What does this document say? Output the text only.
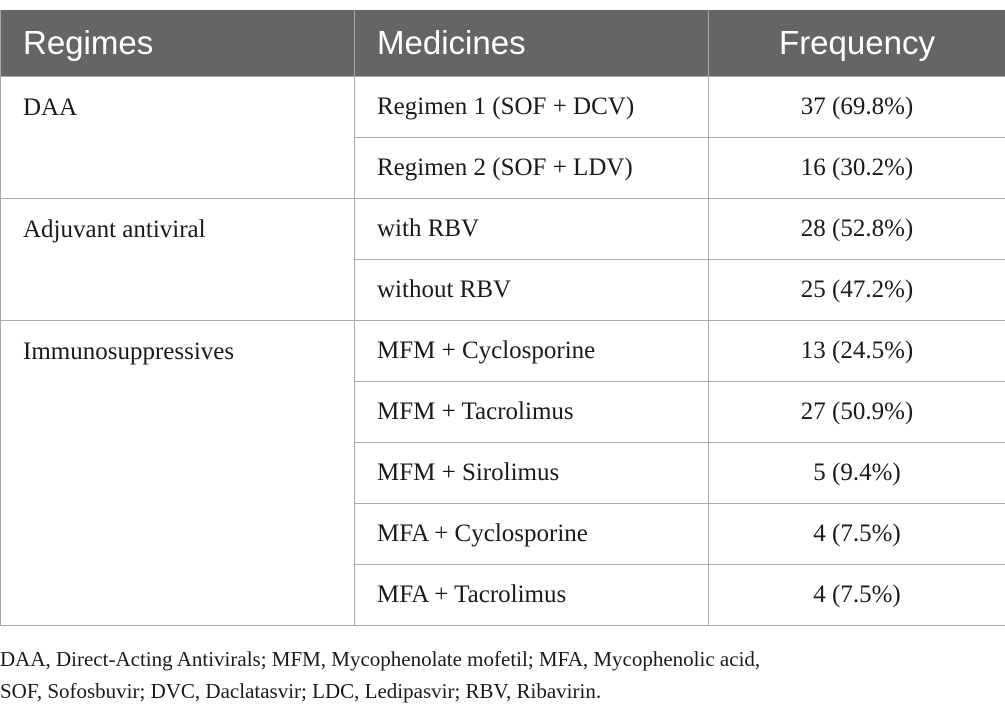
Regimes	Medicines	Frequency
DAA	Regimen 1 (SOF + DCV)	37 (69.8%)
	Regimen 2 (SOF + LDV)	16 (30.2%)
Adjuvant antiviral	with RBV	28 (52.8%)
	without RBV	25 (47.2%)
Immunosuppressives	MFM + Cyclosporine	13 (24.5%)
	MFM + Tacrolimus	27 (50.9%)
	MFM + Sirolimus	5 (9.4%)
	MFA + Cyclosporine	4 (7.5%)
	MFA + Tacrolimus	4 (7.5%)
DAA, Direct-Acting Antivirals; MFM, Mycophenolate mofetil; MFA, Mycophenolic acid,
SOF, Sofosbuvir; DVC, Daclatasvir; LDC, Ledipasvir; RBV, Ribavirin.
